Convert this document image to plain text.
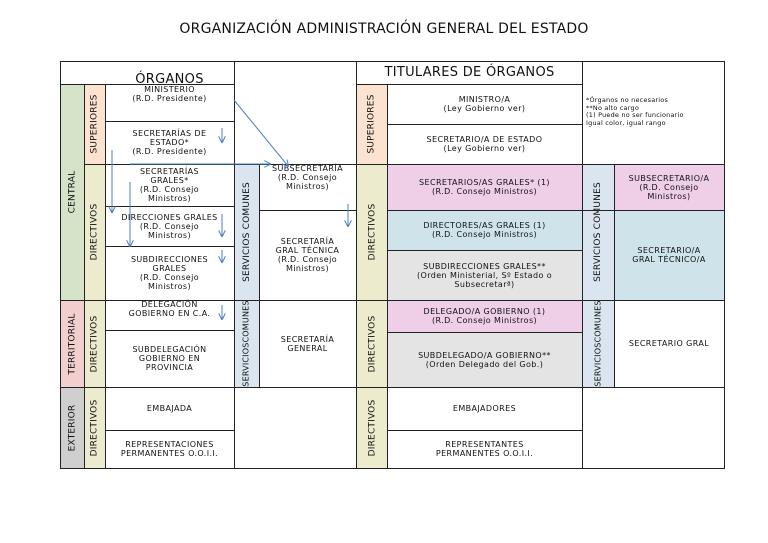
ORGANIZACIÓN ADMINISTRACIÓN GENERAL DEL ESTADO
CENTRAL
TERRITORIAL
EXTERIOR
SUPERIORES
DIRECTIVOS
DIRECTIVOS
DIRECTIVOS
SERVICIOS COMUNES
SERVICIOSCOMUNES
ÓRGANOS
MINISTERIO
(R.D. Presidente)
SECRETARÍAS DE
ESTADO*
(R.D. Presidente)
SECRETARÍAS
GRALES*
(R.D. Consejo
Ministros)
DIRECCIONES GRALES
(R.D. Consejo
Ministros)
SUBDIRECCIONES
GRALES
(R.D. Consejo
Ministros)
DELEGACIÓN
GOBIERNO EN C.A.
SUBDELEGACIÓN
GOBIERNO EN
PROVINCIA
EMBAJADA
REPRESENTACIONES
PERMANENTES O.O.I.I.
SUBSECRETARÍA
(R.D. Consejo
Ministros)
SECRETARÍA
GRAL TÉCNICA
(R.D. Consejo
Ministros)
SECRETARÍA
GENERAL
SUPERIORES
DIRECTIVOS
DIRECTIVOS
DIRECTIVOS
SERVICIOS COMUNES
SERVICIOSCOMUNES
TITULARES DE ÓRGANOS
*Órganos no necesarios
**No alto cargo
(1) Puede no ser funcionario
Igual color, igual rango
MINISTRO/A
(Ley Gobierno ver)
SECRETARIO/A DE ESTADO
(Ley Gobierno ver)
SECRETARIOS/AS GRALES* (1)
(R.D. Consejo Ministros)
DIRECTORES/AS GRALES (1)
(R.D. Consejo Ministros)
SUBDIRECCIONES GRALES**
(Orden Ministerial, Sº Estado o
Subsecretarª)
DELEGADO/A GOBIERNO (1)
(R.D. Consejo Ministros)
SUBDELEGADO/A GOBIERNO**
(Orden Delegado del Gob.)
EMBAJADORES
REPRESENTANTES
PERMANENTES O.O.I.I.
SUBSECRETARIO/A
(R.D. Consejo
Ministros)
SECRETARIO/A
GRAL TÉCNICO/A
SECRETARIO GRAL
